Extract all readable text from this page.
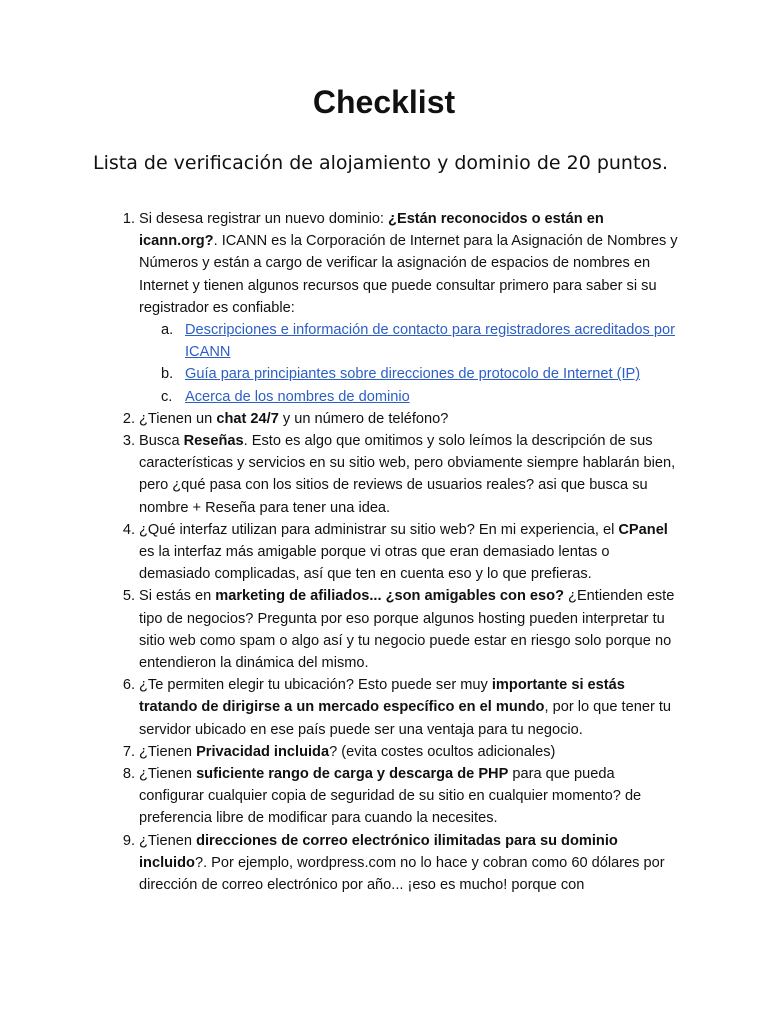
Checklist
Lista de verificación de alojamiento y dominio de 20 puntos.
1. Si desesa registrar un nuevo dominio: ¿Están reconocidos o están en icann.org?. ICANN es la Corporación de Internet para la Asignación de Nombres y Números y están a cargo de verificar la asignación de espacios de nombres en Internet y tienen algunos recursos que puede consultar primero para saber si su registrador es confiable:
a. Descripciones e información de contacto para registradores acreditados por ICANN
b. Guía para principiantes sobre direcciones de protocolo de Internet (IP)
c. Acerca de los nombres de dominio
2. ¿Tienen un chat 24/7 y un número de teléfono?
3. Busca Reseñas. Esto es algo que omitimos y solo leímos la descripción de sus características y servicios en su sitio web, pero obviamente siempre hablarán bien, pero ¿qué pasa con los sitios de reviews de usuarios reales? asi que busca su nombre + Reseña para tener una idea.
4. ¿Qué interfaz utilizan para administrar su sitio web? En mi experiencia, el CPanel es la interfaz más amigable porque vi otras que eran demasiado lentas o demasiado complicadas, así que ten en cuenta eso y lo que prefieras.
5. Si estás en marketing de afiliados... ¿son amigables con eso? ¿Entienden este tipo de negocios? Pregunta por eso porque algunos hosting pueden interpretar tu sitio web como spam o algo así y tu negocio puede estar en riesgo solo porque no entendieron la dinámica del mismo.
6. ¿Te permiten elegir tu ubicación? Esto puede ser muy importante si estás tratando de dirigirse a un mercado específico en el mundo, por lo que tener tu servidor ubicado en ese país puede ser una ventaja para tu negocio.
7. ¿Tienen Privacidad incluida? (evita costes ocultos adicionales)
8. ¿Tienen suficiente rango de carga y descarga de PHP para que pueda configurar cualquier copia de seguridad de su sitio en cualquier momento? de preferencia libre de modificar para cuando la necesites.
9. ¿Tienen direcciones de correo electrónico ilimitadas para su dominio incluido?. Por ejemplo, wordpress.com no lo hace y cobran como 60 dólares por dirección de correo electrónico por año... ¡eso es mucho! porque con
